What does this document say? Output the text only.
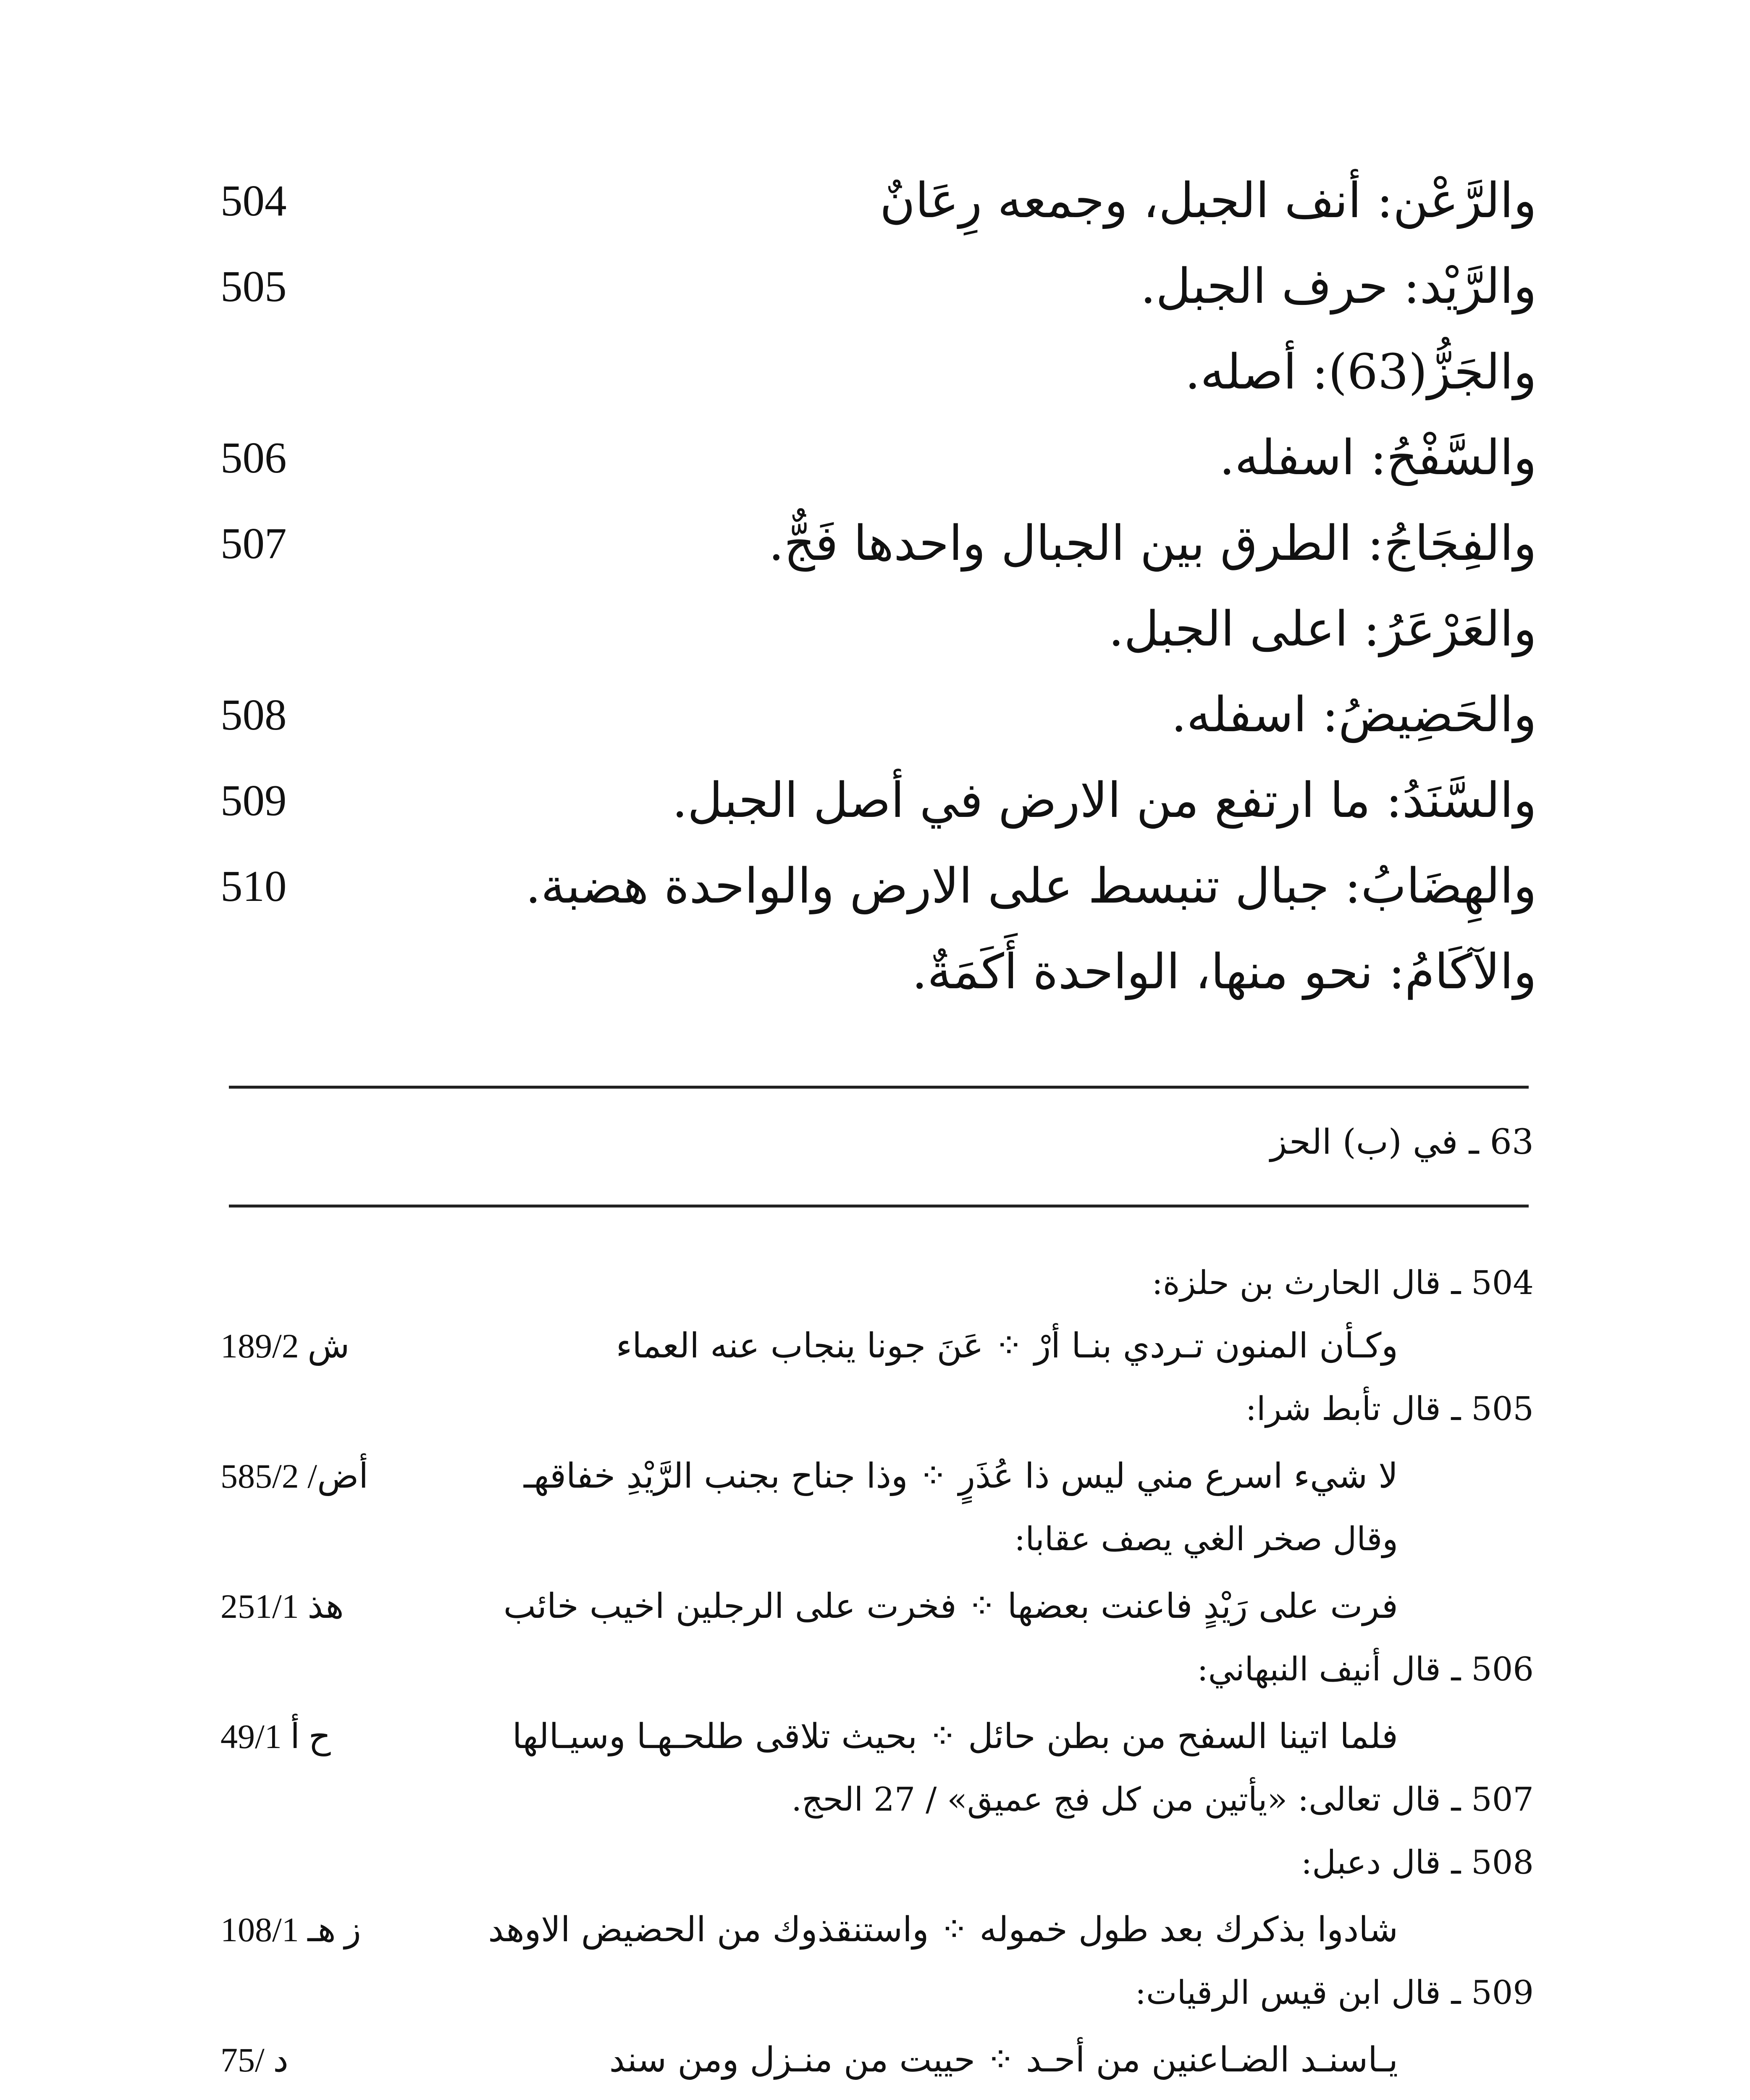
والرَّعْن: أنف الجبل، وجمعه رِعَانٌ
504
والرَّيْد: حرف الجبل.
505
والجَزُّ(63): أصله.
والسَّفْحُ: اسفله.
506
والفِجَاجُ: الطرق بين الجبال واحدها فَجٌّ.
507
والعَرْعَرُ: اعلى الجبل.
والحَضِيضُ: اسفله.
508
والسَّنَدُ: ما ارتفع من الارض في أصل الجبل.
509
والهِضَابُ: جبال تنبسط على الارض والواحدة هضبة.
510
والآكَامُ: نحو منها، الواحدة أَكَمَةٌ.
63 ـ في (ب) الحز
504 ـ قال الحارث بن حلزة:
وكـأن المنون تـردي بنـا أرْ ⁘ عَنَ جونا ينجاب عنه العماء
189/2 ش
505 ـ قال تأبط شرا:
لا شيء اسرع مني ليس ذا عُذَرٍ ⁘ وذا جناح بجنب الرَّيْدِ خفاقهـ
585/2 /أض
وقال صخر الغي يصف عقابا:
فرت على رَيْدٍ فاعنت بعضها ⁘ فخرت على الرجلين اخيب خائب
251/1 هذ
506 ـ قال أنيف النبهاني:
فلما اتينا السفح من بطن حائل ⁘ بحيث تلاقى طلحـهـا وسيـالها
49/1 ح أ
507 ـ قال تعالى: «يأتين من كل فج عميق» / 27 الحج.
508 ـ قال دعبل:
شادوا بذكرك بعد طول خموله ⁘ واستنقذوك من الحضيض الاوهد
108/1 ز هـ
509 ـ قال ابن قيس الرقيات:
يـاسنـد الضـاعنين من أحـد ⁘ حييت من منـزل ومن سند
75/ د
